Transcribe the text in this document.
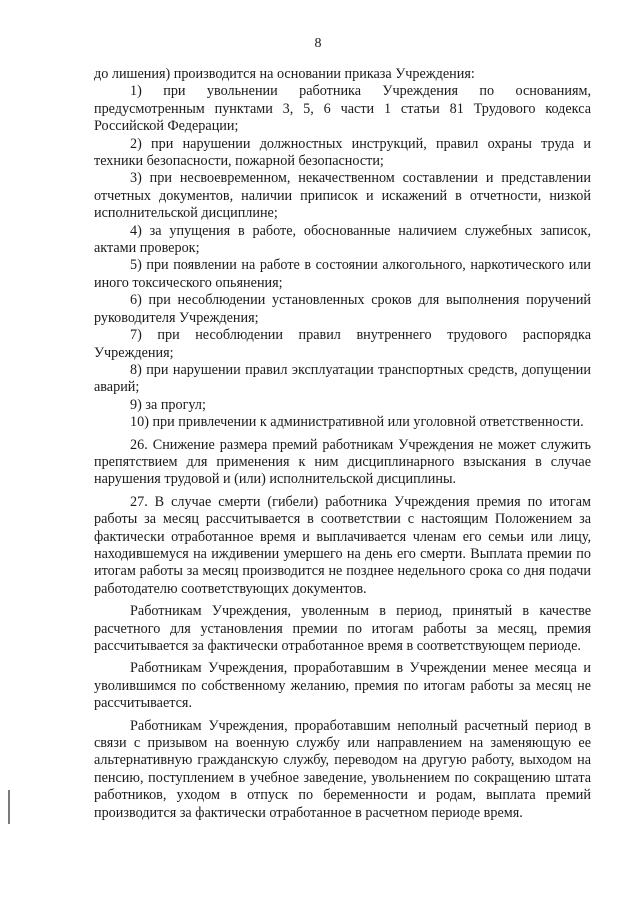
8

до лишения) производится на основании приказа Учреждения:

1) при увольнении работника Учреждения по основаниям, предусмотренным пунктами 3, 5, 6 части 1 статьи 81 Трудового кодекса Российской Федерации;

2) при нарушении должностных инструкций, правил охраны труда и техники безопасности, пожарной безопасности;

3) при несвоевременном, некачественном составлении и представлении отчетных документов, наличии приписок и искажений в отчетности, низкой исполнительской дисциплине;

4) за упущения в работе, обоснованные наличием служебных записок, актами проверок;

5) при появлении на работе в состоянии алкогольного, наркотического или иного токсического опьянения;

6) при несоблюдении установленных сроков для выполнения поручений руководителя Учреждения;

7) при несоблюдении правил внутреннего трудового распорядка Учреждения;

8) при нарушении правил эксплуатации транспортных средств, допущении аварий;

9) за прогул;

10) при привлечении к административной или уголовной ответственности.

26. Снижение размера премий работникам Учреждения не может служить препятствием для применения к ним дисциплинарного взыскания в случае нарушения трудовой и (или) исполнительской дисциплины.

27. В случае смерти (гибели) работника Учреждения премия по итогам работы за месяц рассчитывается в соответствии с настоящим Положением за фактически отработанное время и выплачивается членам его семьи или лицу, находившемуся на иждивении умершего на день его смерти. Выплата премии по итогам работы за месяц производится не позднее недельного срока со дня подачи работодателю соответствующих документов.

Работникам Учреждения, уволенным в период, принятый в качестве расчетного для установления премии по итогам работы за месяц, премия рассчитывается за фактически отработанное время в соответствующем периоде.

Работникам Учреждения, проработавшим в Учреждении менее месяца и уволившимся по собственному желанию, премия по итогам работы за месяц не рассчитывается.

Работникам Учреждения, проработавшим неполный расчетный период в связи с призывом на военную службу или направлением на заменяющую ее альтернативную гражданскую службу, переводом на другую работу, выходом на пенсию, поступлением в учебное заведение, увольнением по сокращению штата работников, уходом в отпуск по беременности и родам, выплата премий производится за фактически отработанное в расчетном периоде время.
